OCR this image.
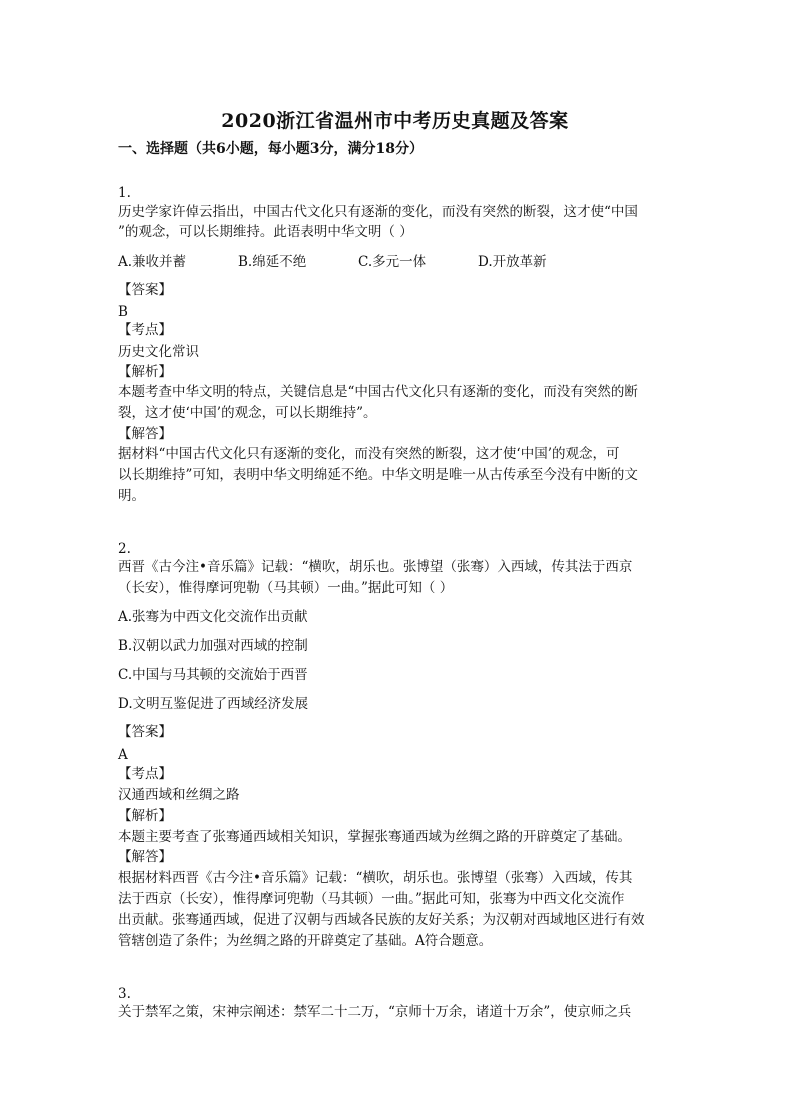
2020浙江省温州市中考历史真题及答案
一、选择题（共6小题，每小题3分，满分18分）
1.
历史学家许倬云指出，中国古代文化只有逐渐的变化，而没有突然的断裂，这才使“中国
”的观念，可以长期维持。此语表明中华文明（ ）
A.兼收并蓄	B.绵延不绝	C.多元一体	D.开放革新
【答案】
B
【考点】
历史文化常识
【解析】
本题考查中华文明的特点，关键信息是“中国古代文化只有逐渐的变化，而没有突然的断
裂，这才使‘中国’的观念，可以长期维持”。
【解答】
据材料“中国古代文化只有逐渐的变化，而没有突然的断裂，这才使‘中国’的观念，可
以长期维持”可知，表明中华文明绵延不绝。中华文明是唯一从古传承至今没有中断的文
明。
2.
西晋《古今注•音乐篇》记载：“横吹，胡乐也。张博望（张骞）入西域，传其法于西京
（长安），惟得摩诃兜勒（马其顿）一曲。”据此可知（ ）
A.张骞为中西文化交流作出贡献
B.汉朝以武力加强对西域的控制
C.中国与马其顿的交流始于西晋
D.文明互鉴促进了西域经济发展
【答案】
A
【考点】
汉通西域和丝绸之路
【解析】
本题主要考查了张骞通西域相关知识，掌握张骞通西域为丝绸之路的开辟奠定了基础。
【解答】
根据材料西晋《古今注•音乐篇》记载：“横吹，胡乐也。张博望（张骞）入西域，传其
法于西京（长安），惟得摩诃兜勒（马其顿）一曲。”据此可知，张骞为中西文化交流作
出贡献。张骞通西域，促进了汉朝与西域各民族的友好关系；为汉朝对西域地区进行有效
管辖创造了条件；为丝绸之路的开辟奠定了基础。A符合题意。
3.
关于禁军之策，宋神宗阐述：禁军二十二万，“京师十万余，诸道十万余”，使京师之兵
